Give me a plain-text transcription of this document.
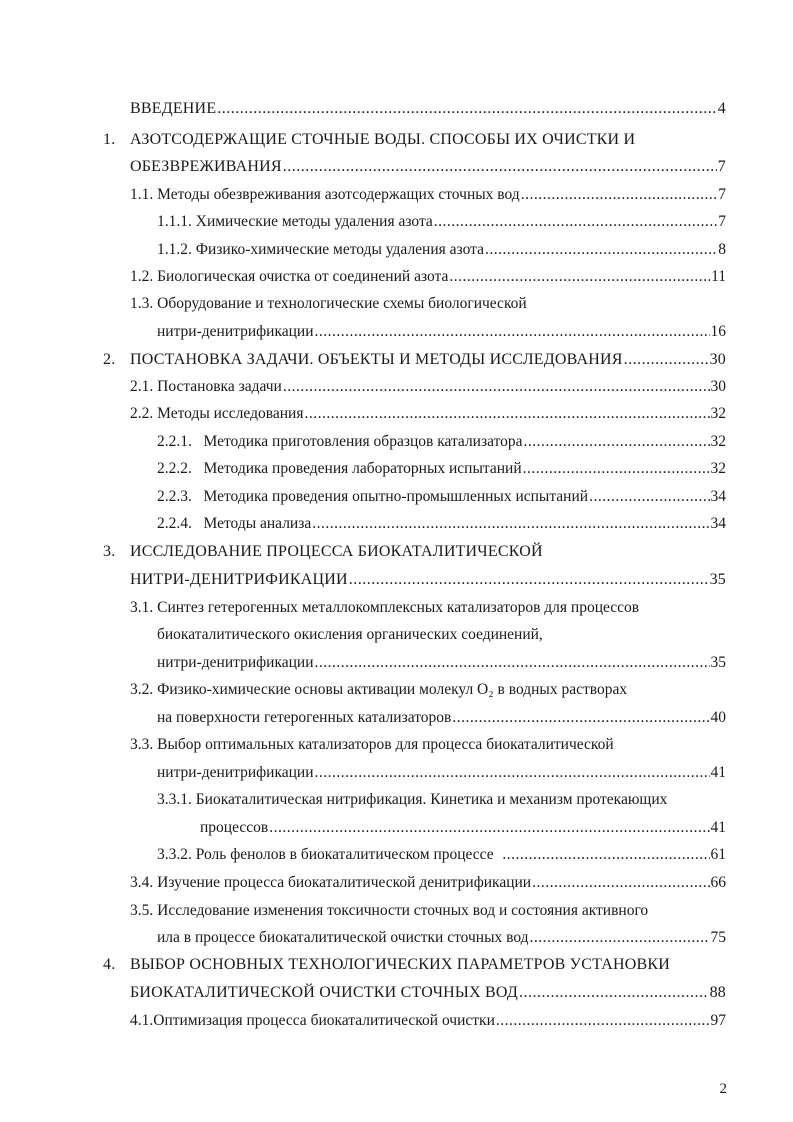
ВВЕДЕНИЕ .....	4
1. АЗОТСОДЕРЖАЩИЕ СТОЧНЫЕ ВОДЫ. СПОСОБЫ ИХ ОЧИСТКИ И
ОБЕЗВРЕЖИВАНИЯ .....	7
1.1. Методы обезвреживания азотсодержащих сточных вод .....	7
1.1.1. Химические методы удаления азота .....	7
1.1.2. Физико-химические методы удаления азота .....	8
1.2. Биологическая очистка от соединений азота .....	11
1.3. Оборудование и технологические схемы биологической
нитри-денитрификации .....	16
2. ПОСТАНОВКА ЗАДАЧИ. ОБЪЕКТЫ И МЕТОДЫ ИССЛЕДОВАНИЯ .....	30
2.1. Постановка задачи .....	30
2.2. Методы исследования .....	32
2.2.1.   Методика приготовления образцов катализатора .....	32
2.2.2.   Методика проведения лабораторных испытаний .....	32
2.2.3.   Методика проведения опытно-промышленных испытаний .....	34
2.2.4.   Методы анализа .....	34
3. ИССЛЕДОВАНИЕ ПРОЦЕССА БИОКАТАЛИТИЧЕСКОЙ
НИТРИ-ДЕНИТРИФИКАЦИИ .....	35
3.1. Синтез гетерогенных металлокомплексных катализаторов для процессов
биокаталитического окисления органических соединений,
нитри-денитрификации .....	35
3.2. Физико-химические основы активации молекул O₂ в водных растворах
на поверхности гетерогенных катализаторов .....	40
3.3. Выбор оптимальных катализаторов для процесса биокаталитической
нитри-денитрификации .....	41
3.3.1. Биокаталитическая нитрификация. Кинетика и механизм протекающих
процессов .....	41
3.3.2. Роль фенолов в биокаталитическом процессе .....	61
3.4. Изучение процесса биокаталитической денитрификации .....	66
3.5. Исследование изменения токсичности сточных вод и состояния активного
ила в процессе биокаталитической очистки сточных вод .....	75
4. ВЫБОР ОСНОВНЫХ ТЕХНОЛОГИЧЕСКИХ ПАРАМЕТРОВ УСТАНОВКИ
БИОКАТАЛИТИЧЕСКОЙ ОЧИСТКИ СТОЧНЫХ ВОД .....	88
4.1.Оптимизация процесса биокаталитической очистки .....	97
2
